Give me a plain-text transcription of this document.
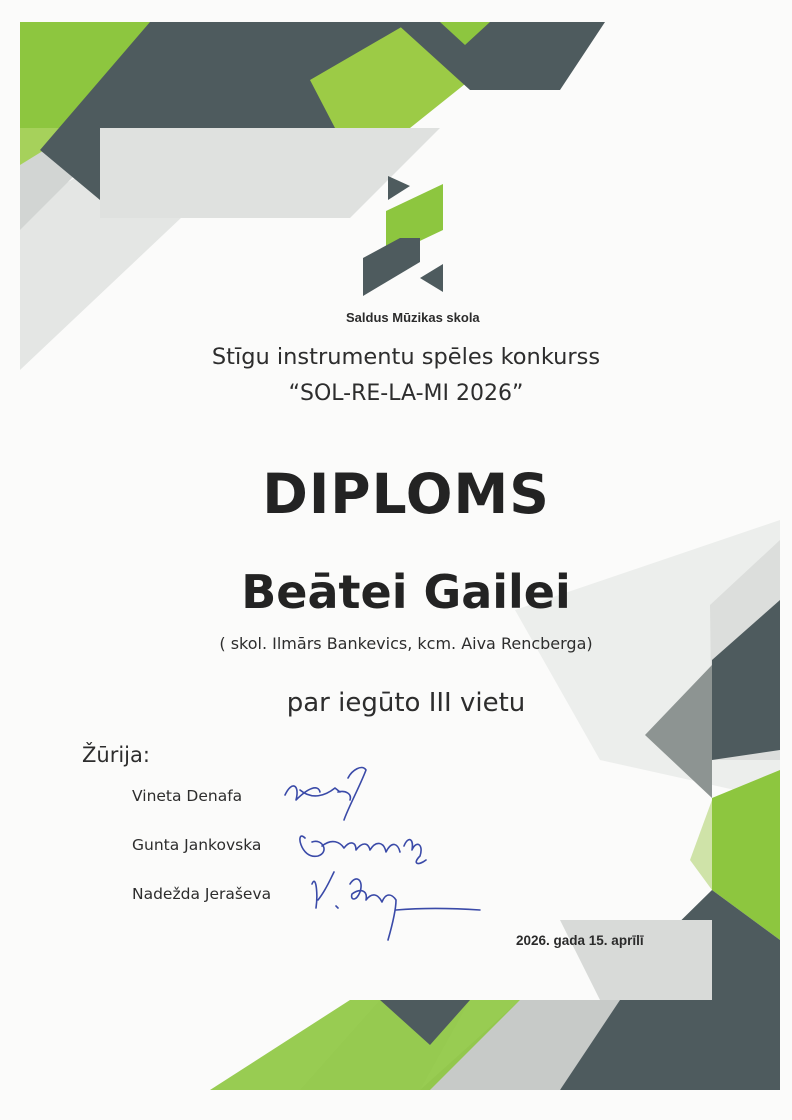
Saldus Mūzikas skola
Stīgu instrumentu spēles konkurss
“SOL-RE-LA-MI 2026”
DIPLOMS
Beātei Gailei
( skol. Ilmārs Bankevics, kcm. Aiva Rencberga)
par iegūto III vietu
Žūrija:
Vineta Denafa
Gunta Jankovska
Nadežda Jeraševa
2026. gada 15. aprīlī
